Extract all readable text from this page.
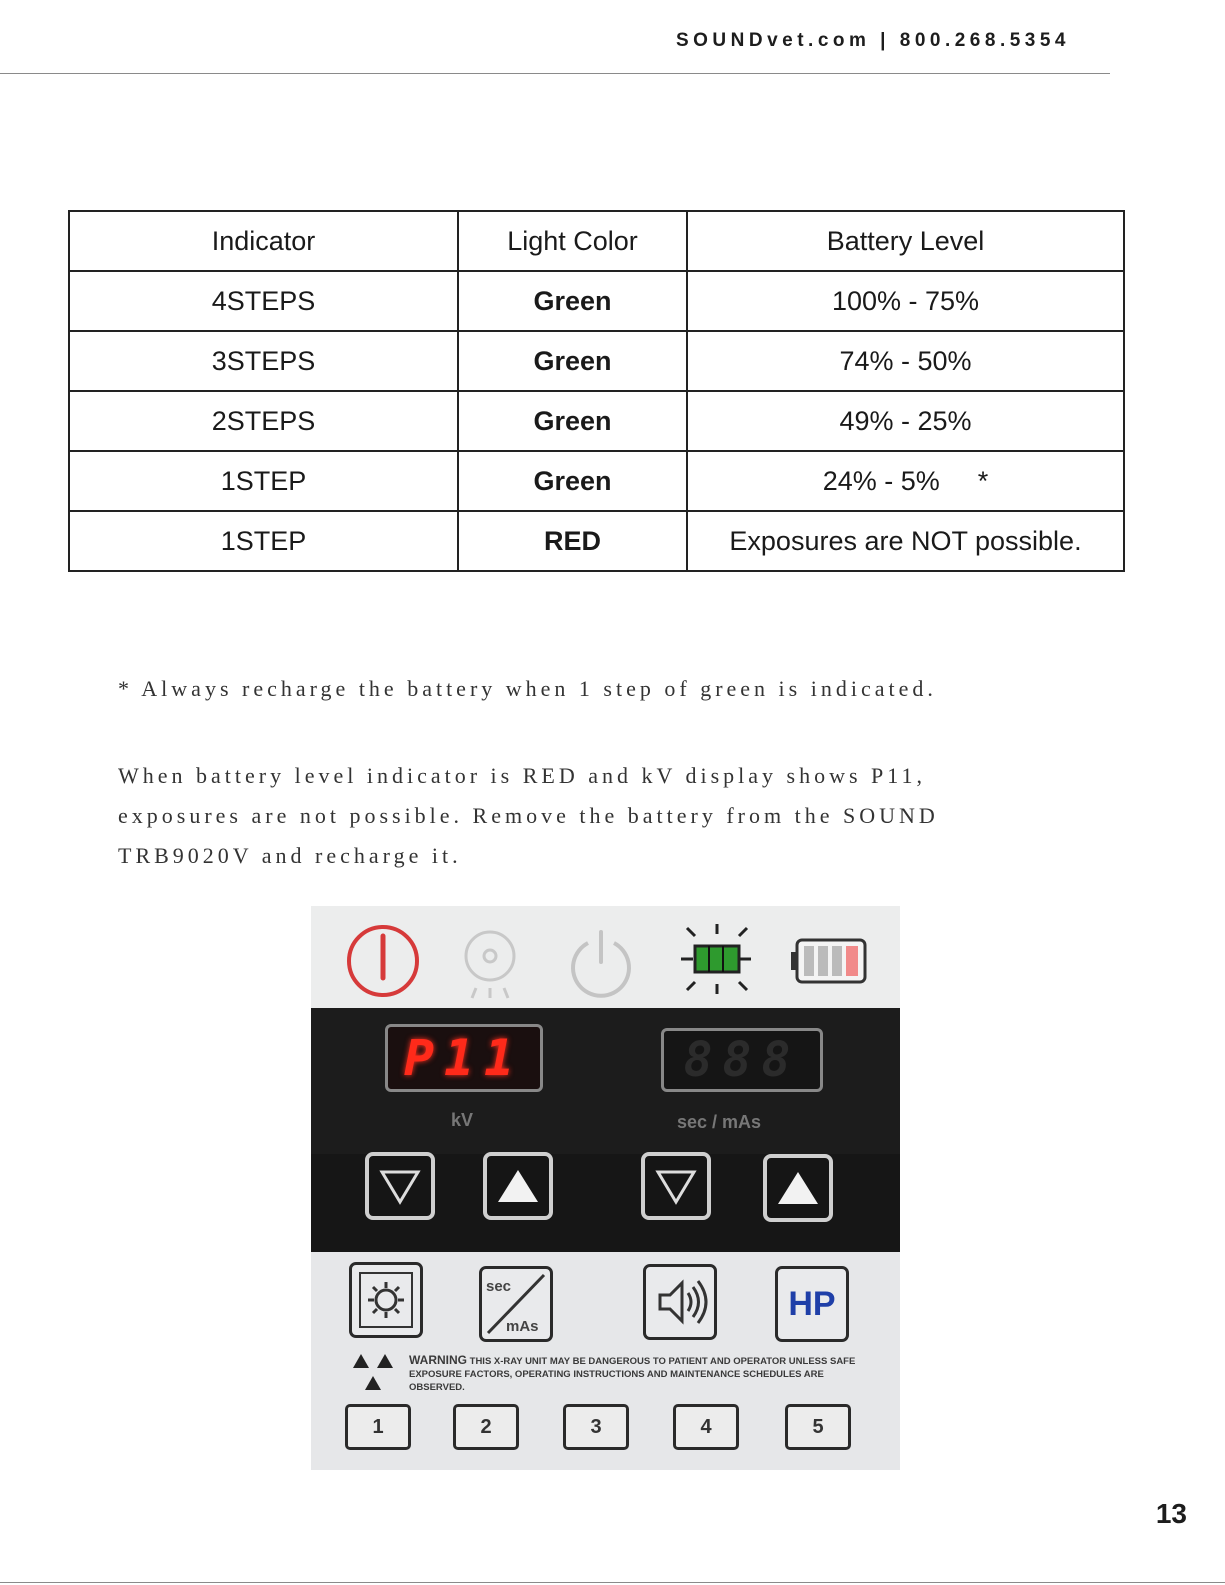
SOUNDvet.com | 800.268.5354
Indicator	Light Color	Battery Level
4STEPS	Green	100% - 75%
3STEPS	Green	74% - 50%
2STEPS	Green	49% - 25%
1STEP	Green	24% - 5% *
1STEP	RED	Exposures are NOT possible.
* Always recharge the battery when 1 step of green is indicated.
When battery level indicator is RED and kV display shows P11,
exposures are not possible. Remove the battery from the SOUND
TRB9020V and recharge it.
P11	888
kV	sec / mAs
sec
mAs
HP
WARNING THIS X-RAY UNIT MAY BE DANGEROUS TO PATIENT AND OPERATOR UNLESS SAFE EXPOSURE FACTORS, OPERATING INSTRUCTIONS AND MAINTENANCE SCHEDULES ARE OBSERVED.
1	2	3	4	5
13
